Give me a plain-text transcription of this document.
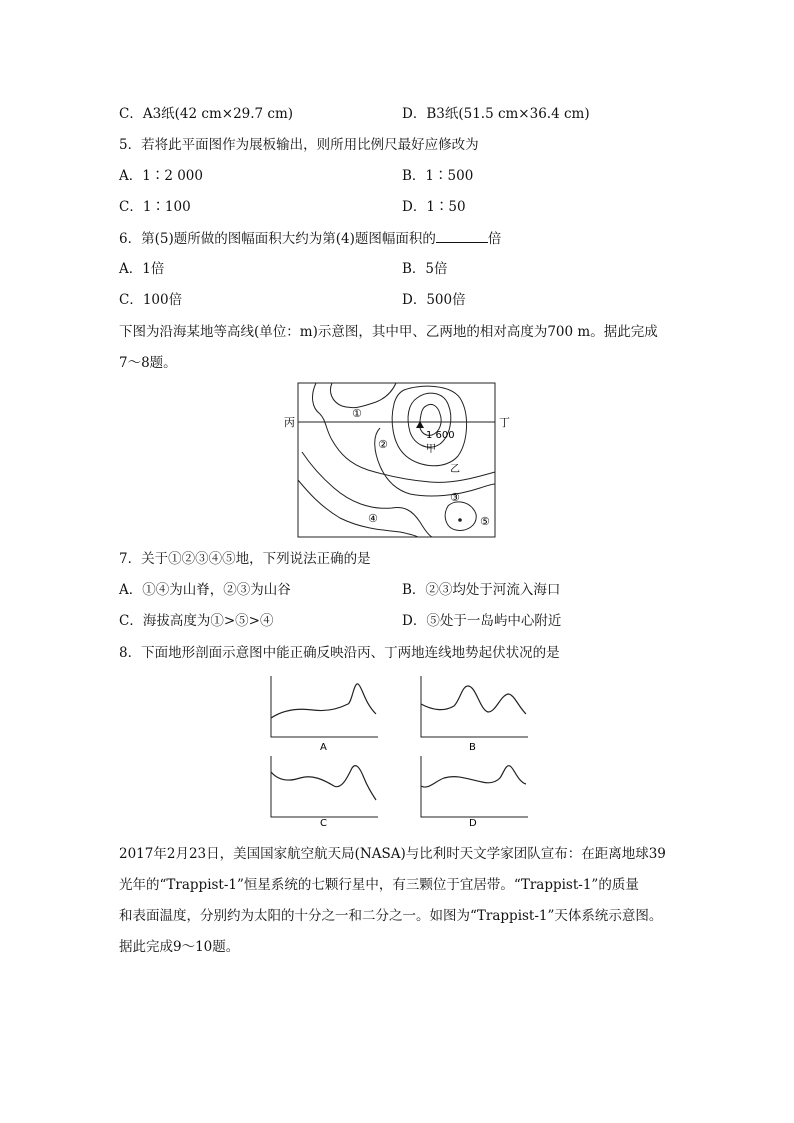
C．A3纸(42 cm×29.7 cm)	D．B3纸(51.5 cm×36.4 cm)
5．若将此平面图作为展板输出，则所用比例尺最好应修改为
A．1∶2 000	B．1∶500
C．1∶100	D．1∶50
6．第(5)题所做的图幅面积大约为第(4)题图幅面积的	倍
A．1倍	B．5倍
C．100倍	D．500倍
下图为沿海某地等高线(单位：m)示意图，其中甲、乙两地的相对高度为700 m。据此完成
7～8题。
丙	丁
1 600
甲
乙
①
②
③
④	⑤
7．关于①②③④⑤地，下列说法正确的是
A．①④为山脊，②③为山谷	B．②③均处于河流入海口
C．海拔高度为①>⑤>④	D．⑤处于一岛屿中心附近
8．下面地形剖面示意图中能正确反映沿丙、丁两地连线地势起伏状况的是
A	B
C	D
2017年2月23日，美国国家航空航天局(NASA)与比利时天文学家团队宣布：在距离地球39
光年的“Trappist-1”恒星系统的七颗行星中，有三颗位于宜居带。“Trappist-1”的质量
和表面温度，分别约为太阳的十分之一和二分之一。如图为“Trappist-1”天体系统示意图。
据此完成9～10题。
